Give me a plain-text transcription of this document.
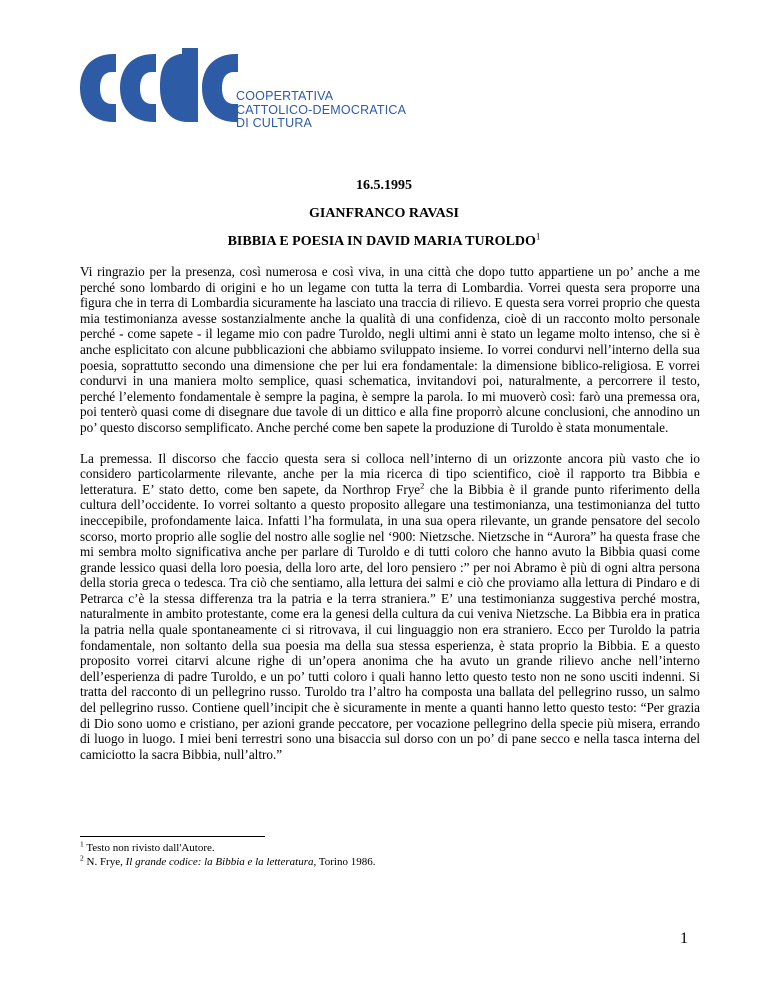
COOPERTATIVA
CATTOLICO-DEMOCRATICA
DI CULTURA
16.5.1995
GIANFRANCO RAVASI
BIBBIA E POESIA IN DAVID MARIA TUROLDO$^1$

Vi ringrazio per la presenza, così numerosa e così viva, in una città che dopo tutto appartiene un po’ anche a me perché sono lombardo di origini e ho un legame con tutta la terra di Lombardia. Vorrei questa sera proporre una figura che in terra di Lombardia sicuramente ha lasciato una traccia di rilievo. E questa sera vorrei proprio che questa mia testimonianza avesse sostanzialmente anche la qualità di una confidenza, cioè di un racconto molto personale perché - come sapete - il legame mio con padre Turoldo, negli ultimi anni è stato un legame molto intenso, che si è anche esplicitato con alcune pubblicazioni che abbiamo sviluppato insieme. Io vorrei condurvi nell’interno della sua poesia, soprattutto secondo una dimensione che per lui era fondamentale: la dimensione biblico-religiosa. E vorrei condurvi in una maniera molto semplice, quasi schematica, invitandovi poi, naturalmente, a percorrere il testo, perché l’elemento fondamentale è sempre la pagina, è sempre la parola. Io mi muoverò così: farò una premessa ora, poi tenterò quasi come di disegnare due tavole di un dittico e alla fine proporrò alcune conclusioni, che annodino un po’ questo discorso semplificato. Anche perché come ben sapete la produzione di Turoldo è stata monumentale.

La premessa. Il discorso che faccio questa sera si colloca nell’interno di un orizzonte ancora più vasto che io considero particolarmente rilevante, anche per la mia ricerca di tipo scientifico, cioè il rapporto tra Bibbia e letteratura. E’ stato detto, come ben sapete, da Northrop Frye$^2$ che la Bibbia è il grande punto riferimento della cultura dell’occidente. Io vorrei soltanto a questo proposito allegare una testimonianza, una testimonianza del tutto ineccepibile, profondamente laica. Infatti l’ha formulata, in una sua opera rilevante, un grande pensatore del secolo scorso, morto proprio alle soglie del nostro alle soglie nel ‘900: Nietzsche. Nietzsche in “Aurora” ha questa frase che mi sembra molto significativa anche per parlare di Turoldo e di tutti coloro che hanno avuto la Bibbia quasi come grande lessico quasi della loro poesia, della loro arte, del loro pensiero :” per noi Abramo è più di ogni altra persona della storia greca o tedesca. Tra ciò che sentiamo, alla lettura dei salmi e ciò che proviamo alla lettura di Pindaro e di Petrarca c’è la stessa differenza tra la patria e la terra straniera.” E’ una testimonianza suggestiva perché mostra, naturalmente in ambito protestante, come era la genesi della cultura da cui veniva Nietzsche. La Bibbia era in pratica la patria nella quale spontaneamente ci si ritrovava, il cui linguaggio non era straniero. Ecco per Turoldo la patria fondamentale, non soltanto della sua poesia ma della sua stessa esperienza, è stata proprio la Bibbia. E a questo proposito vorrei citarvi alcune righe di un’opera anonima che ha avuto un grande rilievo anche nell’interno dell’esperienza di padre Turoldo, e un po’ tutti coloro i quali hanno letto questo testo non ne sono usciti indenni. Si tratta del racconto di un pellegrino russo. Turoldo tra l’altro ha composta una ballata del pellegrino russo, un salmo del pellegrino russo. Contiene quell’incipit che è sicuramente in mente a quanti hanno letto questo testo: “Per grazia di Dio sono uomo e cristiano, per azioni grande peccatore, per vocazione pellegrino della specie più misera, errando di luogo in luogo. I miei beni terrestri sono una bisaccia sul dorso con un po’ di pane secco e nella tasca interna del camiciotto la sacra Bibbia, null’altro.”

$^1$ Testo non rivisto dall'Autore.
$^2$ N. Frye, Il grande codice: la Bibbia e la letteratura, Torino 1986.
1
